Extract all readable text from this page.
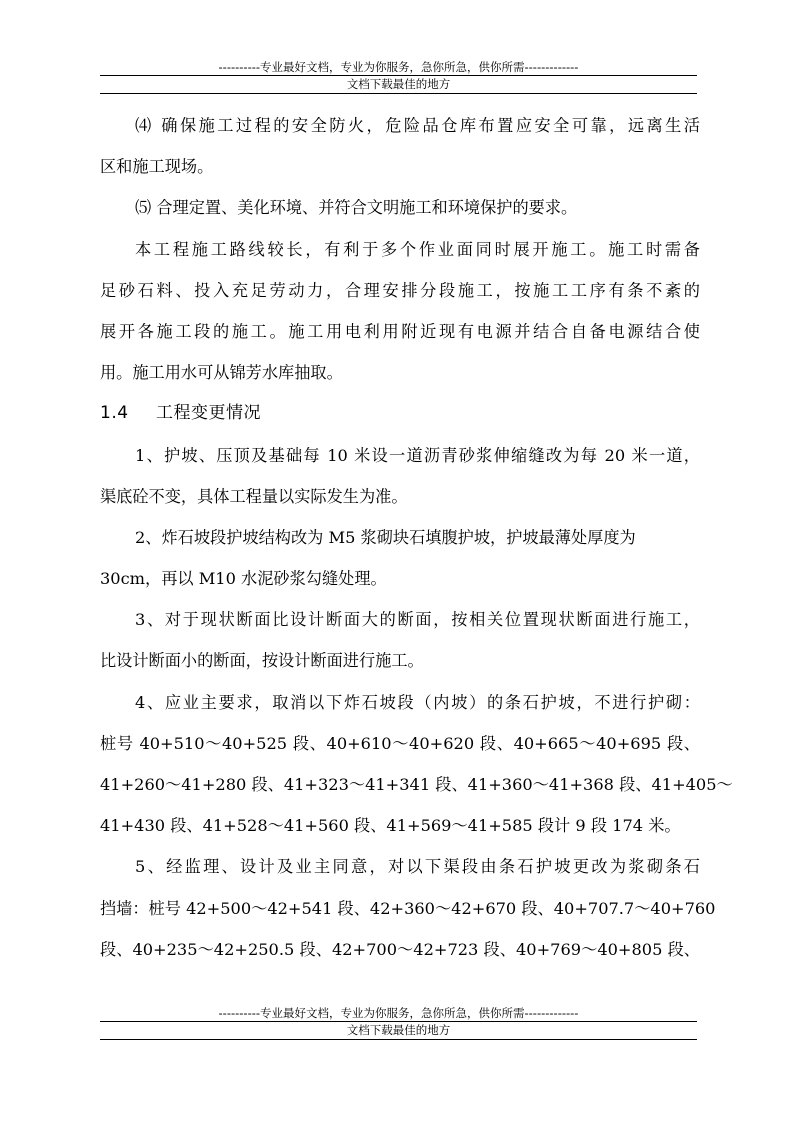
----------专业最好文档，专业为你服务，急你所急，供你所需-------------
文档下载最佳的地方
⑷ 确保施工过程的安全防火，危险品仓库布置应安全可靠，远离生活
区和施工现场。
⑸ 合理定置、美化环境、并符合文明施工和环境保护的要求。
本工程施工路线较长，有利于多个作业面同时展开施工。施工时需备
足砂石料、投入充足劳动力，合理安排分段施工，按施工工序有条不紊的
展开各施工段的施工。施工用电利用附近现有电源并结合自备电源结合使
用。施工用水可从锦芳水库抽取。
1.4 工程变更情况
1、护坡、压顶及基础每 10 米设一道沥青砂浆伸缩缝改为每 20 米一道，
渠底砼不变，具体工程量以实际发生为准。
2、炸石坡段护坡结构改为 M5 浆砌块石填腹护坡，护坡最薄处厚度为
30cm，再以 M10 水泥砂浆勾缝处理。
3、对于现状断面比设计断面大的断面，按相关位置现状断面进行施工，
比设计断面小的断面，按设计断面进行施工。
4、应业主要求，取消以下炸石坡段（内坡）的条石护坡，不进行护砌：
桩号 40+510～40+525 段、40+610～40+620 段、40+665～40+695 段、
41+260～41+280 段、41+323～41+341 段、41+360～41+368 段、41+405～
41+430 段、41+528～41+560 段、41+569～41+585 段计 9 段 174 米。
5、经监理、设计及业主同意，对以下渠段由条石护坡更改为浆砌条石
挡墙：桩号 42+500～42+541 段、42+360～42+670 段、40+707.7～40+760
段、40+235～42+250.5 段、42+700～42+723 段、40+769～40+805 段、
----------专业最好文档，专业为你服务，急你所急，供你所需-------------
文档下载最佳的地方
